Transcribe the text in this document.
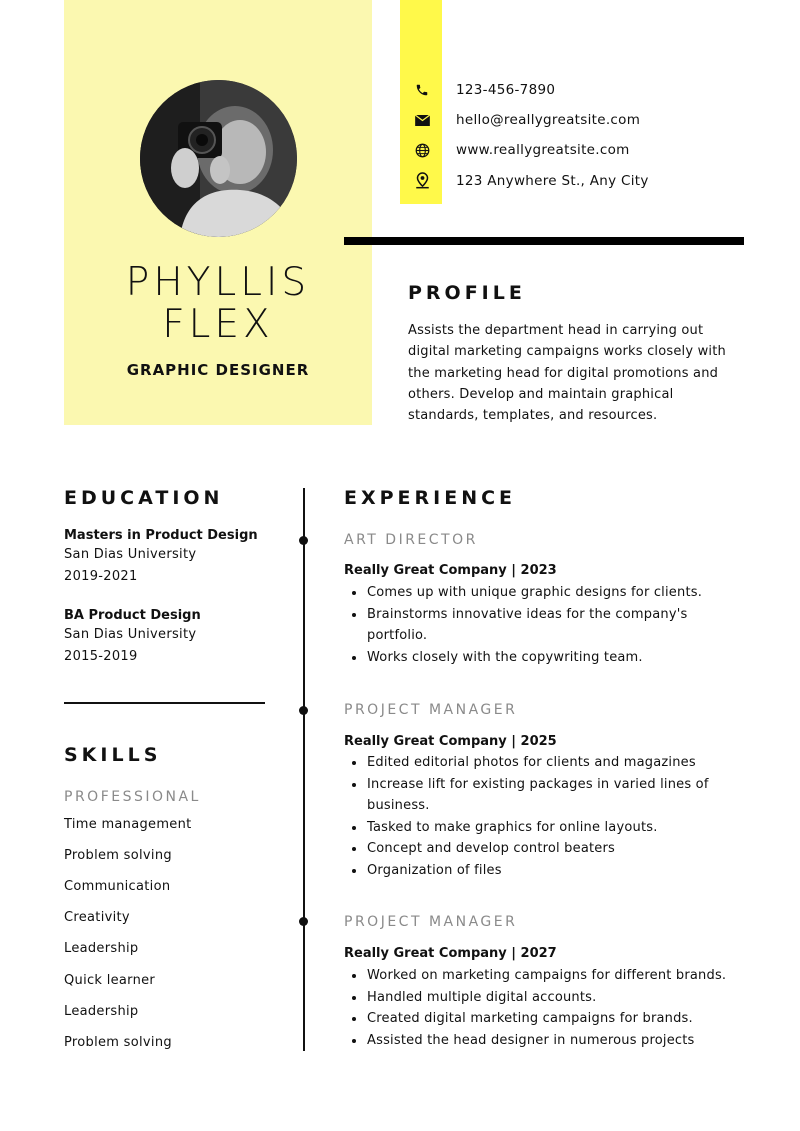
PHYLLIS
FLEX
GRAPHIC DESIGNER
123-456-7890
hello@reallygreatsite.com
www.reallygreatsite.com
123 Anywhere St., Any City
PROFILE
Assists the department head in carrying out digital marketing campaigns works closely with the marketing head for digital promotions and others. Develop and maintain graphical standards, templates, and resources.
EDUCATION
Masters in Product Design
San Dias University
2019-2021
BA Product Design
San Dias University
2015-2019
SKILLS
PROFESSIONAL
Time management
Problem solving
Communication
Creativity
Leadership
Quick learner
Leadership
Problem solving
EXPERIENCE
ART DIRECTOR
Really Great Company | 2023
Comes up with unique graphic designs for clients.
Brainstorms innovative ideas for the company's portfolio.
Works closely with the copywriting team.
PROJECT MANAGER
Really Great Company | 2025
Edited editorial photos for clients and magazines
Increase lift for existing packages in varied lines of business.
Tasked to make graphics for online layouts.
Concept and develop control beaters
Organization of files
PROJECT MANAGER
Really Great Company | 2027
Worked on marketing campaigns for different brands.
Handled multiple digital accounts.
Created digital marketing campaigns for brands.
Assisted the head designer in numerous projects
